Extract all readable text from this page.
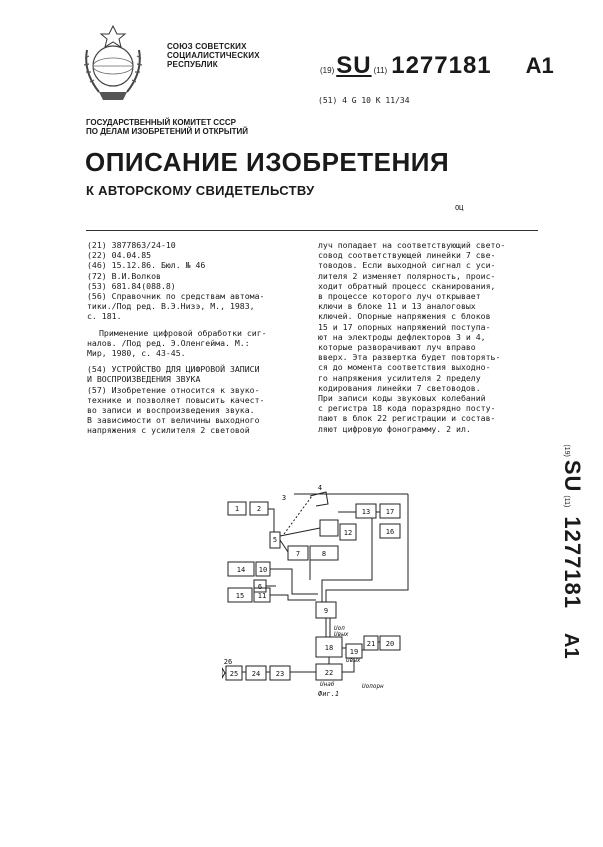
СОЮЗ СОВЕТСКИХ
СОЦИАЛИСТИЧЕСКИХ
РЕСПУБЛИК
(19) SU (11) 1277181 A1
(51) 4 G 10 K 11/34
ГОСУДАРСТВЕННЫЙ КОМИТЕТ СССР
ПО ДЕЛАМ ИЗОБРЕТЕНИЙ И ОТКРЫТИЙ
ОПИСАНИЕ ИЗОБРЕТЕНИЯ
К АВТОРСКОМУ СВИДЕТЕЛЬСТВУ
ОЦ

(21) 3877863/24-10

(22) 04.04.85

(46) 15.12.86. Бюл. № 46

(72) В.И.Волков

(53) 681.84(088.8)

(56) Справочник по средствам автома-

тики./Под ред. В.Э.Низэ, М., 1983,

с. 181.

Применение цифровой обработки сиг-

налов. /Под ред. Э.Оленгейма. М.:

Мир, 1980, с. 43-45.

(54) УСТРОЙСТВО ДЛЯ ЦИФРОВОЙ ЗАПИСИ

И ВОСПРОИЗВЕДЕНИЯ ЗВУКА

(57) Изобретение относится к звуко-

технике и позволяет повысить качест-

во записи и воспроизведения звука.

В зависимости от величины выходного

напряжения с усилителя 2 световой

луч попадает на соответствующий свето-

совод соответствующей линейки 7 све-

товодов. Если выходной сигнал с уси-

лителя 2 изменяет полярность, проис-

ходит обратный процесс сканирования,

в процессе которого луч открывает

ключи в блоке 11 и 13 аналоговых

ключей. Опорные напряжения с блоков

15 и 17 опорных напряжений поступа-

ют на электроды дефлекторов 3 и 4,

которые разворачивают луч вправо

вверх. Эта развертка будет повторять-

ся до момента соответствия выходно-

го напряжения усилителя 2 пределу

кодирования линейки 7 световодов.

При записи коды звуковых колебаний

с регистра 18 кода поразрядно посту-

пают в блок 22 регистрации и состав-

ляют цифровую фонограмму. 2 ил.

(19)
SU
(11)
1277181
A1
1	2
3
4
5
6
7	8
9
10
11
12
13
14
15
16
17
18 19
20
21
22
23
24
25
26
Uоп
Uвых
Uвых
Uнаб	Uопорн
Фиг.1
